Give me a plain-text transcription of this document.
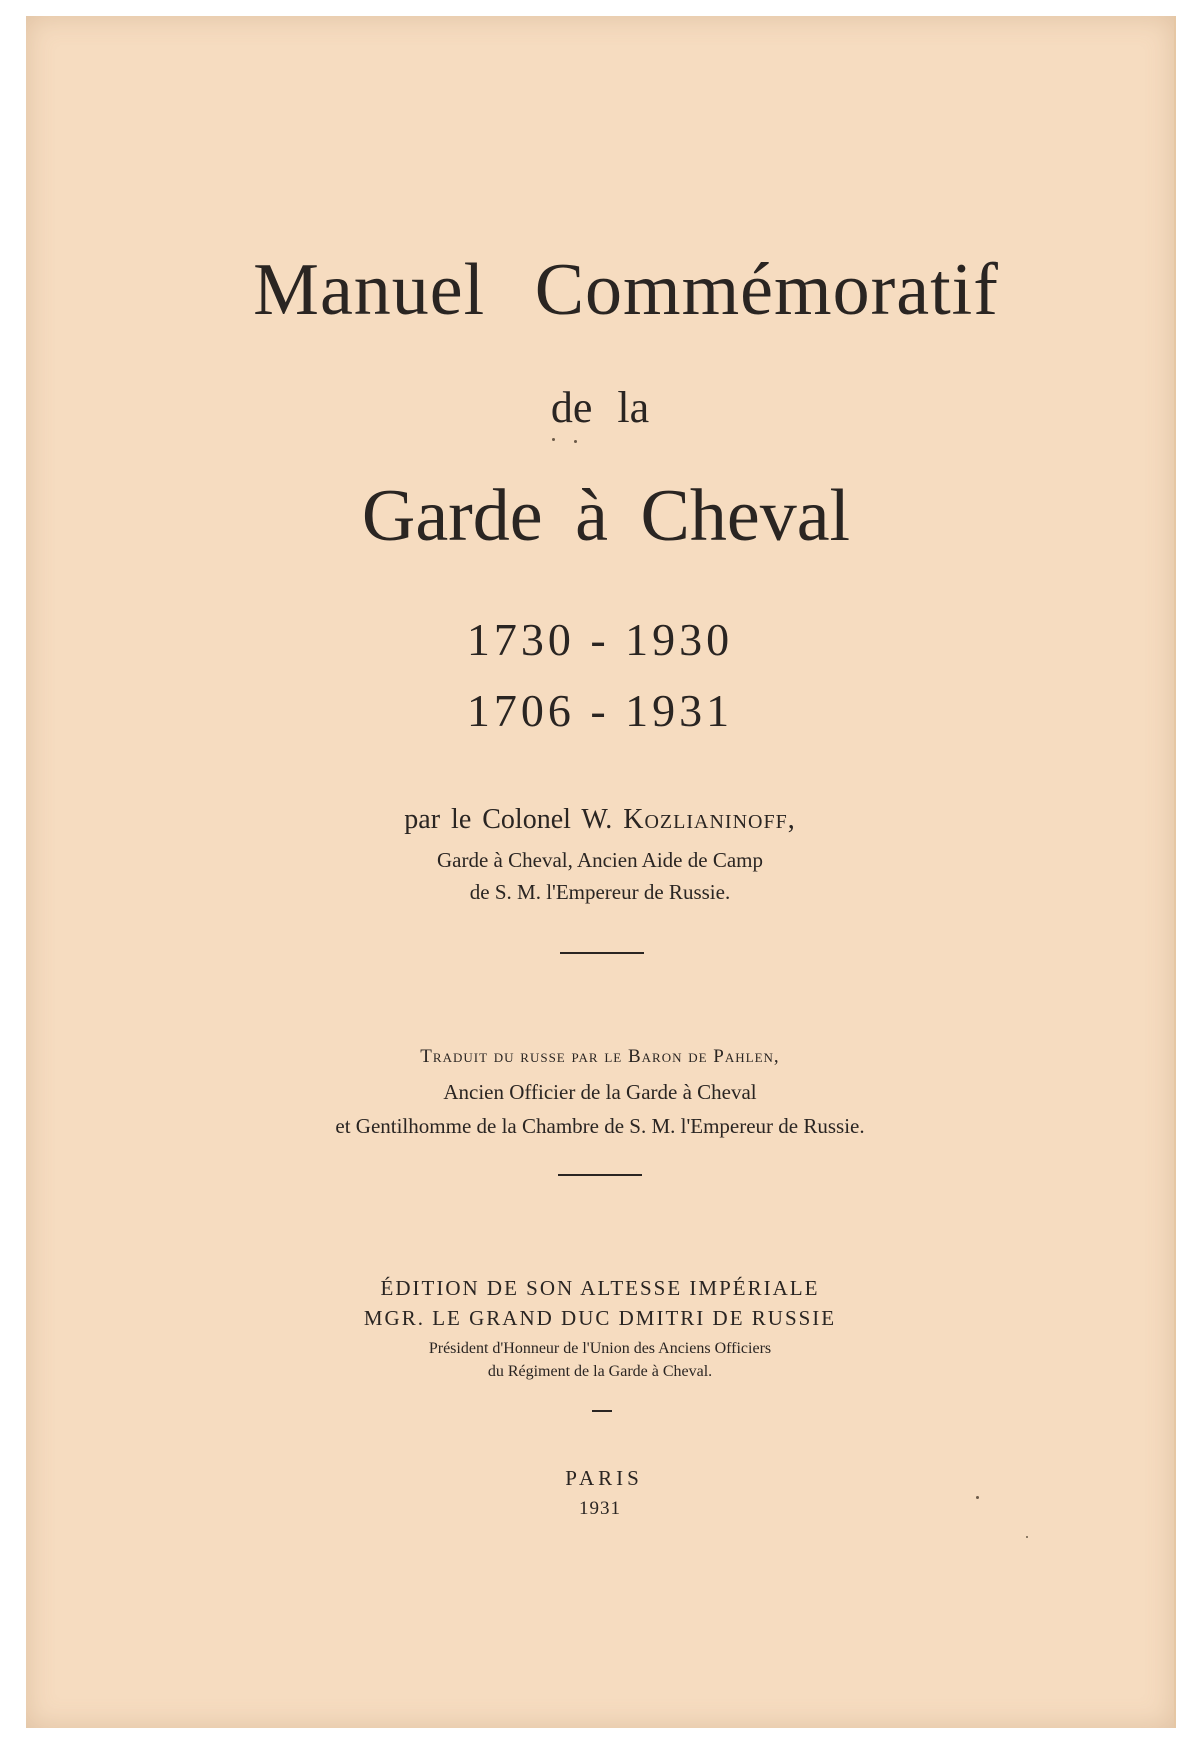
Manuel Commémoratif
de la
Garde à Cheval
1730 - 1930
1706 - 1931
par le Colonel W. Kozlianinoff,
Garde à Cheval, Ancien Aide de Camp
de S. M. l'Empereur de Russie.
Traduit du russe par le Baron de Pahlen,
Ancien Officier de la Garde à Cheval
et Gentilhomme de la Chambre de S. M. l'Empereur de Russie.
ÉDITION DE SON ALTESSE IMPÉRIALE
MGR. LE GRAND DUC DMITRI DE RUSSIE
Président d'Honneur de l'Union des Anciens Officiers
du Régiment de la Garde à Cheval.
PARIS
1931
